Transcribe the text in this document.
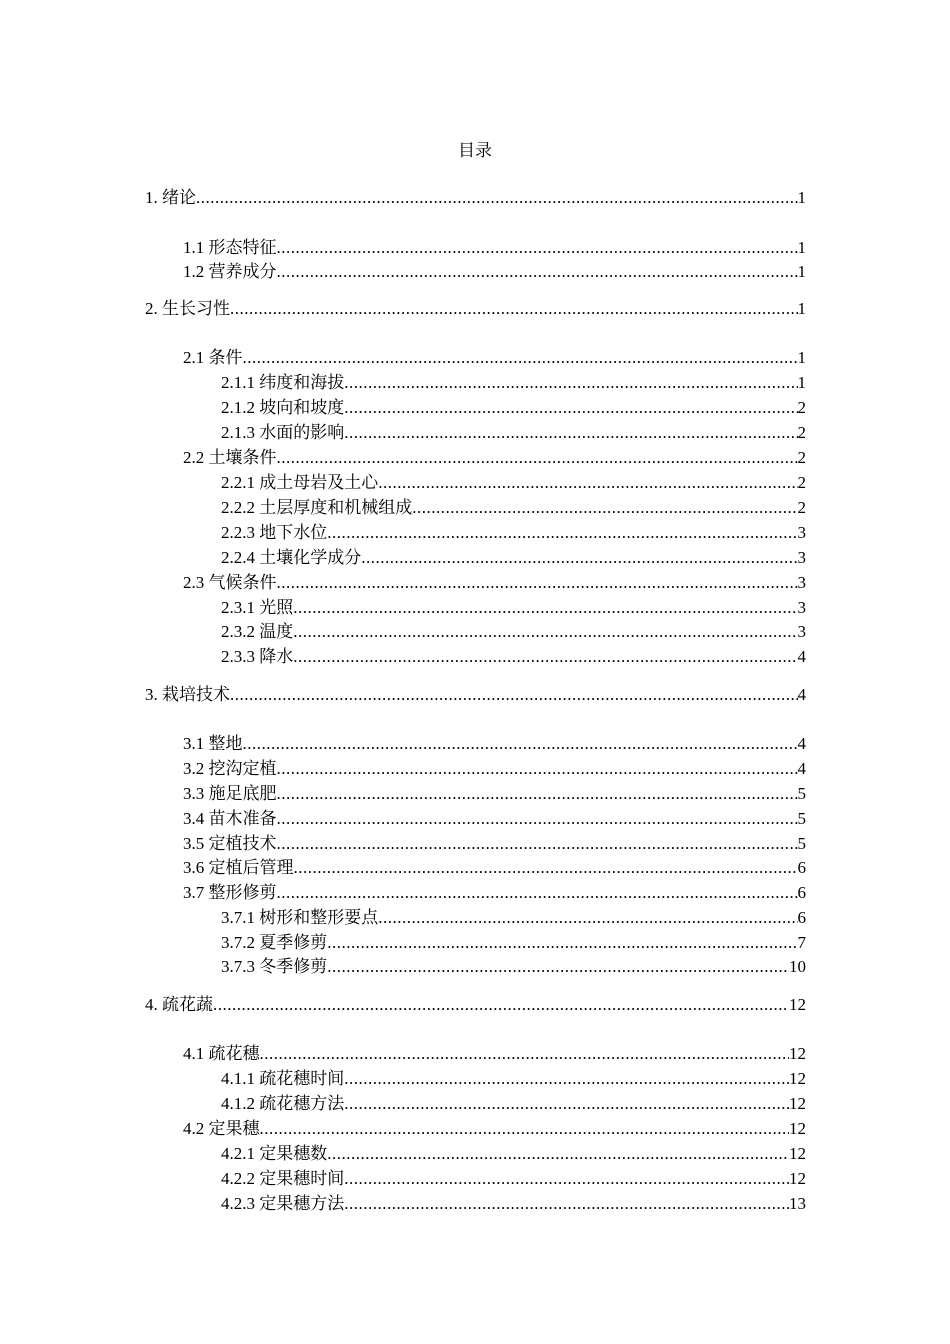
目录
1. 绪论 .....	1
1.1 形态特征 .....	1
1.2 营养成分 .....	1
2. 生长习性 .....	1
2.1 条件 .....	1
2.1.1 纬度和海拔 .....	1
2.1.2 坡向和坡度 .....	2
2.1.3 水面的影响 .....	2
2.2 土壤条件 .....	2
2.2.1 成土母岩及土心 .....	2
2.2.2 土层厚度和机械组成 .....	2
2.2.3 地下水位 .....	3
2.2.4 土壤化学成分 .....	3
2.3 气候条件 .....	3
2.3.1 光照 .....	3
2.3.2 温度 .....	3
2.3.3 降水 .....	4
3. 栽培技术 .....	4
3.1 整地 .....	4
3.2 挖沟定植 .....	4
3.3 施足底肥 .....	5
3.4 苗木准备 .....	5
3.5 定植技术 .....	5
3.6 定植后管理 .....	6
3.7 整形修剪 .....	6
3.7.1 树形和整形要点 .....	6
3.7.2 夏季修剪 .....	7
3.7.3 冬季修剪 .....	10
4. 疏花蔬 .....	12
4.1 疏花穗 .....	12
4.1.1 疏花穗时间 .....	12
4.1.2 疏花穗方法 .....	12
4.2 定果穗 .....	12
4.2.1 定果穗数 .....	12
4.2.2 定果穗时间 .....	12
4.2.3 定果穗方法 .....	13
